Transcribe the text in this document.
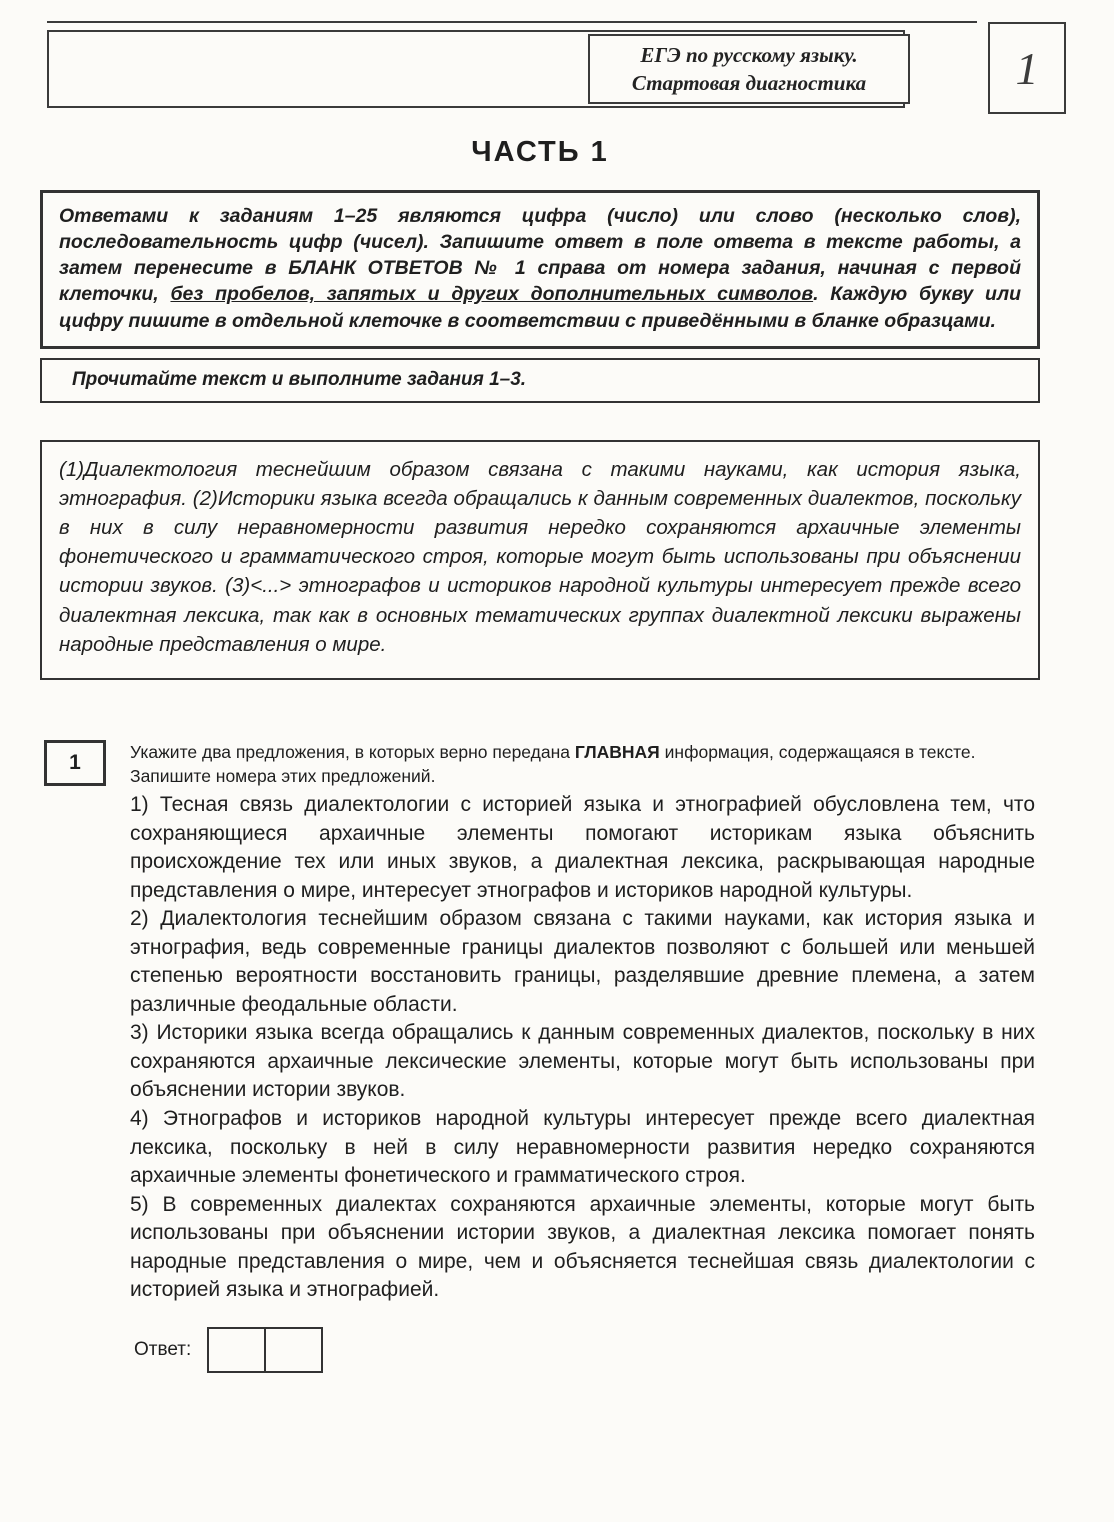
ЕГЭ по русскому языку.
Стартовая диагностика	1
ЧАСТЬ 1
Ответами к заданиям 1–25 являются цифра (число) или слово (несколько слов), последовательность цифр (чисел). Запишите ответ в поле ответа в тексте работы, а затем перенесите в БЛАНК ОТВЕТОВ № 1 справа от номера задания, начиная с первой клеточки, без пробелов, запятых и других дополнительных символов. Каждую букву или цифру пишите в отдельной клеточке в соответствии с приведёнными в бланке образцами.
Прочитайте текст и выполните задания 1–3.
(1)Диалектология теснейшим образом связана с такими науками, как история языка, этнография. (2)Историки языка всегда обращались к данным современных диалектов, поскольку в них в силу неравномерности развития нередко сохраняются архаичные элементы фонетического и грамматического строя, которые могут быть использованы при объяснении истории звуков. (3)<...> этнографов и историков народной культуры интересует прежде всего диалектная лексика, так как в основных тематических группах диалектной лексики выражены народные представления о мире.
1	Укажите два предложения, в которых верно передана ГЛАВНАЯ информация, содержащаяся в тексте. Запишите номера этих предложений.

1) Тесная связь диалектологии с историей языка и этнографией обусловлена тем, что сохраняющиеся архаичные элементы помогают историкам языка объяснить происхождение тех или иных звуков, а диалектная лексика, раскрывающая народные представления о мире, интересует этнографов и историков народной культуры.

2) Диалектология теснейшим образом связана с такими науками, как история языка и этнография, ведь современные границы диалектов позволяют с большей или меньшей степенью вероятности восстановить границы, разделявшие древние племена, а затем различные феодальные области.

3) Историки языка всегда обращались к данным современных диалектов, поскольку в них сохраняются архаичные лексические элементы, которые могут быть использованы при объяснении истории звуков.

4) Этнографов и историков народной культуры интересует прежде всего диалектная лексика, поскольку в ней в силу неравномерности развития нередко сохраняются архаичные элементы фонетического и грамматического строя.

5) В современных диалектах сохраняются архаичные элементы, которые могут быть использованы при объяснении истории звуков, а диалектная лексика помогает понять народные представления о мире, чем и объясняется теснейшая связь диалектологии с историей языка и этнографией.

Ответ:
